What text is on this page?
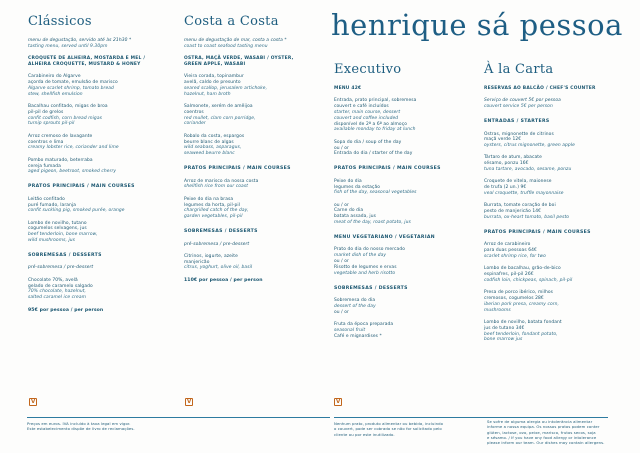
henrique sá pessoa
Clássicos
menu de degustação, servido até às 21h30 *
tasting menu, served until 9.30pm
CROQUETE DE ALHEIRA, MOSTARDA E MEL /
ALHEIRA CROQUETTE, MUSTARD & HONEY
Carabineiro do Algarve
açorda de tomate, emulsão de marisco
Algarve scarlet shrimp, tomato bread
stew, shellfish emulsion
Bacalhau confitado, migas de broa
pil-pil de grelos
confit codfish, corn bread migas
turnip sprouts pil-pil
Arroz cremoso de lavagante
coentros e lima
creamy lobster rice, coriander and lime
Pombo maturado, beterraba
cereja fumada
aged pigeon, beetroot, smoked cherry
PRATOS PRINCIPAIS / MAIN COURSES
Leitão confitado
puré fumado, laranja
confit suckling pig, smoked purée, orange
Lombo de novilho, tutano
cogumelos selvagens, jus
beef tenderloin, bone marrow,
wild mushrooms, jus
SOBREMESAS / DESSERTS
pré-sobremesa / pre-dessert
Chocolate 70%, avelã
gelado de caramelo salgado
70% chocolate, hazelnut,
salted caramel ice cream
95€ por pessoa / per person
Costa a Costa
menu de degustação de mar, costa a costa *
coast to coast seafood tasting menu
OSTRA, MAÇÃ VERDE, WASABI / OYSTER,
GREEN APPLE, WASABI
Vieira corada, topinambur
avelã, caldo de presunto
seared scallop, jerusalem artichoke,
hazelnut, ham broth
Salmonete, xerém de amêijoa
coentros
red mullet, clam corn porridge,
coriander
Robalo da costa, espargos
beurre blanc de algas
wild seabass, asparagus,
seaweed beurre blanc
PRATOS PRINCIPAIS / MAIN COURSES
Arroz de marisco da nossa costa
shellfish rice from our coast
Peixe do dia na brasa
legumes da horta, pil-pil
chargrilled catch of the day,
garden vegetables, pil-pil
SOBREMESAS / DESSERTS
pré-sobremesa / pre-dessert
Citrinos, iogurte, azeite
manjericão
citrus, yoghurt, olive oil, basil
110€ por pessoa / per person
Executivo
MENU 42€
Entrada, prato principal, sobremesa
couvert e café incluídos
starter, main course, dessert
couvert and coffee included
disponível de 2ª a 6ª ao almoço
available monday to friday at lunch
Sopa do dia / soup of the day
ou / or
Entrada do dia / starter of the day
PRATOS PRINCIPAIS / MAIN COURSES
Peixe do dia
legumes da estação
fish of the day, seasonal vegetables
ou / or
Carne do dia
batata assada, jus
meat of the day, roast potato, jus
MENU VEGETARIANO / VEGETARIAN
Prato do dia do nosso mercado
market dish of the day
ou / or
Risotto de legumes e ervas
vegetable and herb risotto
SOBREMESAS / DESSERTS
Sobremesa do dia
dessert of the day
ou / or
Fruta da época preparada
seasonal fruit
Café e mignardises *
À la Carta
RESERVAS AO BALCÃO / CHEF'S COUNTER
Serviço de couvert 5€ por pessoa
couvert service 5€ per person
ENTRADAS / STARTERS
Ostras, mignonette de citrinos
maçã verde 12€
oysters, citrus mignonette, green apple
Tártaro de atum, abacate
sésamo, ponzu 16€
tuna tartare, avocado, sesame, ponzu
Croquete de vitela, maionese
de trufa (2 un.) 9€
veal croquette, truffle mayonnaise
Burrata, tomate coração de boi
pesto de manjericão 14€
burrata, ox-heart tomato, basil pesto
PRATOS PRINCIPAIS / MAIN COURSES
Arroz de carabineiro
para duas pessoas 64€
scarlet shrimp rice, for two
Lombo de bacalhau, grão-de-bico
espinafres, pil-pil 26€
codfish loin, chickpeas, spinach, pil-pil
Presa de porco ibérico, milhos
cremosos, cogumelos 28€
iberian pork presa, creamy corn,
mushrooms
Lombo de novilho, batata fondant
jus de tutano 34€
beef tenderloin, fondant potato,
bone marrow jus
V	V	V
Preços em euros. IVA incluído à taxa legal em vigor.
Este estabelecimento dispõe de livro de reclamações.
Nenhum prato, produto alimentar ou bebida, incluindo
o couvert, pode ser cobrado se não for solicitado pelo
cliente ou por este inutilizado.
Se sofre de alguma alergia ou intolerância alimentar
informe a nossa equipa. Os nossos pratos podem conter
glúten, lactose, ovo, peixe, marisco, frutos secos, soja
e sésamo. / If you have any food allergy or intolerance
please inform our team. Our dishes may contain allergens.
